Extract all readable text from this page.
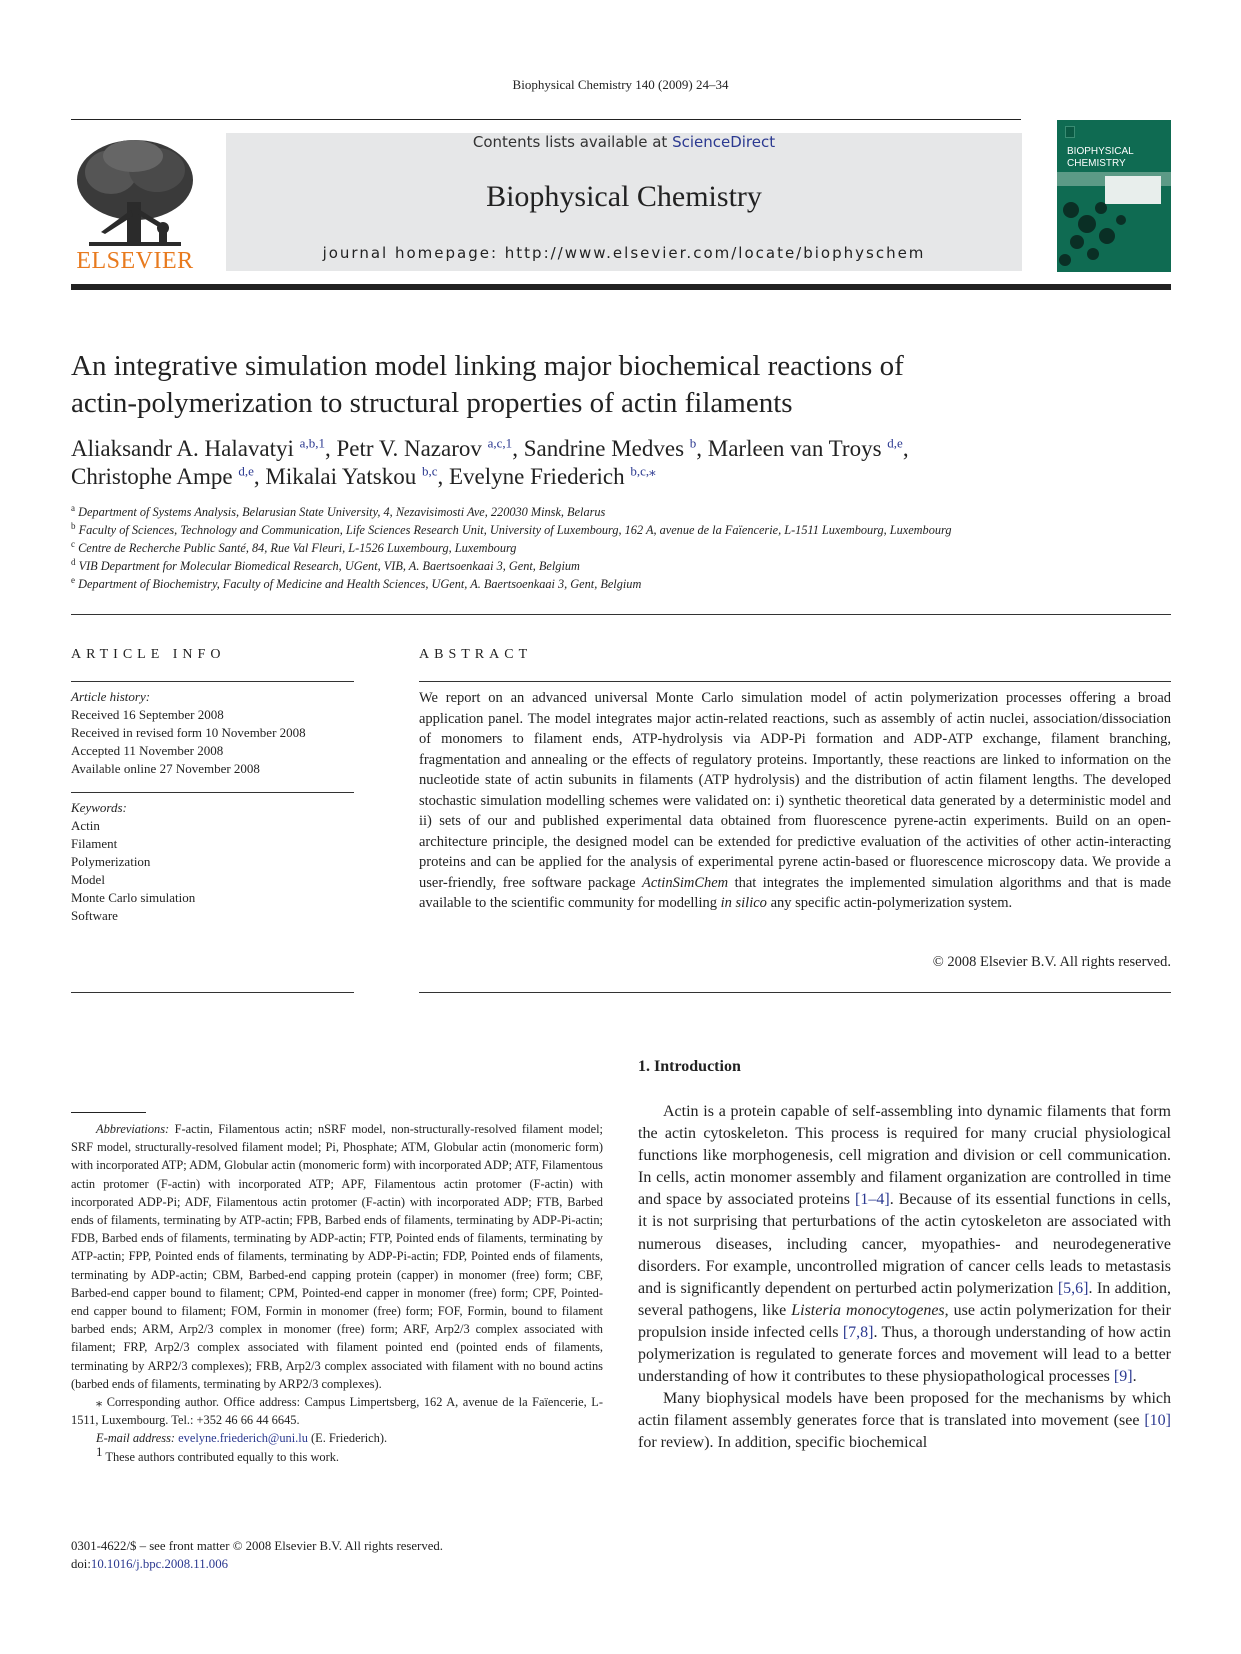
Biophysical Chemistry 140 (2009) 24–34
ELSEVIER
Contents lists available at ScienceDirect
Biophysical Chemistry
journal homepage: http://www.elsevier.com/locate/biophyschem
BIOPHYSICAL CHEMISTRY
An integrative simulation model linking major biochemical reactions of
actin-polymerization to structural properties of actin filaments
Aliaksandr A. Halavatyi $^{a,b,1}$, Petr V. Nazarov $^{a,c,1}$, Sandrine Medves $^b$, Marleen van Troys $^{d,e}$,
Christophe Ampe $^{d,e}$, Mikalai Yatskou $^{b,c}$, Evelyne Friederich $^{b,c,⁎}$
$^a$ Department of Systems Analysis, Belarusian State University, 4, Nezavisimosti Ave, 220030 Minsk, Belarus
$^b$ Faculty of Sciences, Technology and Communication, Life Sciences Research Unit, University of Luxembourg, 162 A, avenue de la Faïencerie, L-1511 Luxembourg, Luxembourg
$^c$ Centre de Recherche Public Santé, 84, Rue Val Fleuri, L-1526 Luxembourg, Luxembourg
$^d$ VIB Department for Molecular Biomedical Research, UGent, VIB, A. Baertsoenkaai 3, Gent, Belgium
$^e$ Department of Biochemistry, Faculty of Medicine and Health Sciences, UGent, A. Baertsoenkaai 3, Gent, Belgium
ARTICLE INFO
Article history:
Received 16 September 2008
Received in revised form 10 November 2008
Accepted 11 November 2008
Available online 27 November 2008
Keywords:
Actin
Filament
Polymerization
Model
Monte Carlo simulation
Software
ABSTRACT
We report on an advanced universal Monte Carlo simulation model of actin polymerization processes offering a broad application panel. The model integrates major actin-related reactions, such as assembly of actin nuclei, association/dissociation of monomers to filament ends, ATP-hydrolysis via ADP-Pi formation and ADP-ATP exchange, filament branching, fragmentation and annealing or the effects of regulatory proteins. Importantly, these reactions are linked to information on the nucleotide state of actin subunits in filaments (ATP hydrolysis) and the distribution of actin filament lengths. The developed stochastic simulation modelling schemes were validated on: i) synthetic theoretical data generated by a deterministic model and ii) sets of our and published experimental data obtained from fluorescence pyrene-actin experiments. Build on an open-architecture principle, the designed model can be extended for predictive evaluation of the activities of other actin-interacting proteins and can be applied for the analysis of experimental pyrene actin-based or fluorescence microscopy data. We provide a user-friendly, free software package ActinSimChem that integrates the implemented simulation algorithms and that is made available to the scientific community for modelling in silico any specific actin-polymerization system.
© 2008 Elsevier B.V. All rights reserved.
1. Introduction

Actin is a protein capable of self-assembling into dynamic filaments that form the actin cytoskeleton. This process is required for many crucial physiological functions like morphogenesis, cell migration and division or cell communication. In cells, actin monomer assembly and filament organization are controlled in time and space by associated proteins [1–4]. Because of its essential functions in cells, it is not surprising that perturbations of the actin cytoskeleton are associated with numerous diseases, including cancer, myopathies- and neurodegenerative disorders. For example, uncontrolled migration of cancer cells leads to metastasis and is significantly dependent on perturbed actin polymerization [5,6]. In addition, several pathogens, like Listeria monocytogenes, use actin polymerization for their propulsion inside infected cells [7,8]. Thus, a thorough understanding of how actin polymerization is regulated to generate forces and movement will lead to a better understanding of how it contributes to these physiopathological processes [9].

Many biophysical models have been proposed for the mechanisms by which actin filament assembly generates force that is translated into movement (see [10] for review). In addition, specific biochemical

Abbreviations: F-actin, Filamentous actin; nSRF model, non-structurally-resolved filament model; SRF model, structurally-resolved filament model; Pi, Phosphate; ATM, Globular actin (monomeric form) with incorporated ATP; ADM, Globular actin (monomeric form) with incorporated ADP; ATF, Filamentous actin protomer (F-actin) with incorporated ATP; APF, Filamentous actin protomer (F-actin) with incorporated ADP-Pi; ADF, Filamentous actin protomer (F-actin) with incorporated ADP; FTB, Barbed ends of filaments, terminating by ATP-actin; FPB, Barbed ends of filaments, terminating by ADP-Pi-actin; FDB, Barbed ends of filaments, terminating by ADP-actin; FTP, Pointed ends of filaments, terminating by ATP-actin; FPP, Pointed ends of filaments, terminating by ADP-Pi-actin; FDP, Pointed ends of filaments, terminating by ADP-actin; CBM, Barbed-end capping protein (capper) in monomer (free) form; CBF, Barbed-end capper bound to filament; CPM, Pointed-end capper in monomer (free) form; CPF, Pointed-end capper bound to filament; FOM, Formin in monomer (free) form; FOF, Formin, bound to filament barbed ends; ARM, Arp2/3 complex in monomer (free) form; ARF, Arp2/3 complex associated with filament; FRP, Arp2/3 complex associated with filament pointed end (pointed ends of filaments, terminating by ARP2/3 complexes); FRB, Arp2/3 complex associated with filament with no bound actins (barbed ends of filaments, terminating by ARP2/3 complexes).
⁎ Corresponding author. Office address: Campus Limpertsberg, 162 A, avenue de la Faïencerie, L-1511, Luxembourg. Tel.: +352 46 66 44 6645.
E-mail address: evelyne.friederich@uni.lu (E. Friederich).
$^1$ These authors contributed equally to this work.
0301-4622/$ – see front matter © 2008 Elsevier B.V. All rights reserved.
doi:10.1016/j.bpc.2008.11.006
